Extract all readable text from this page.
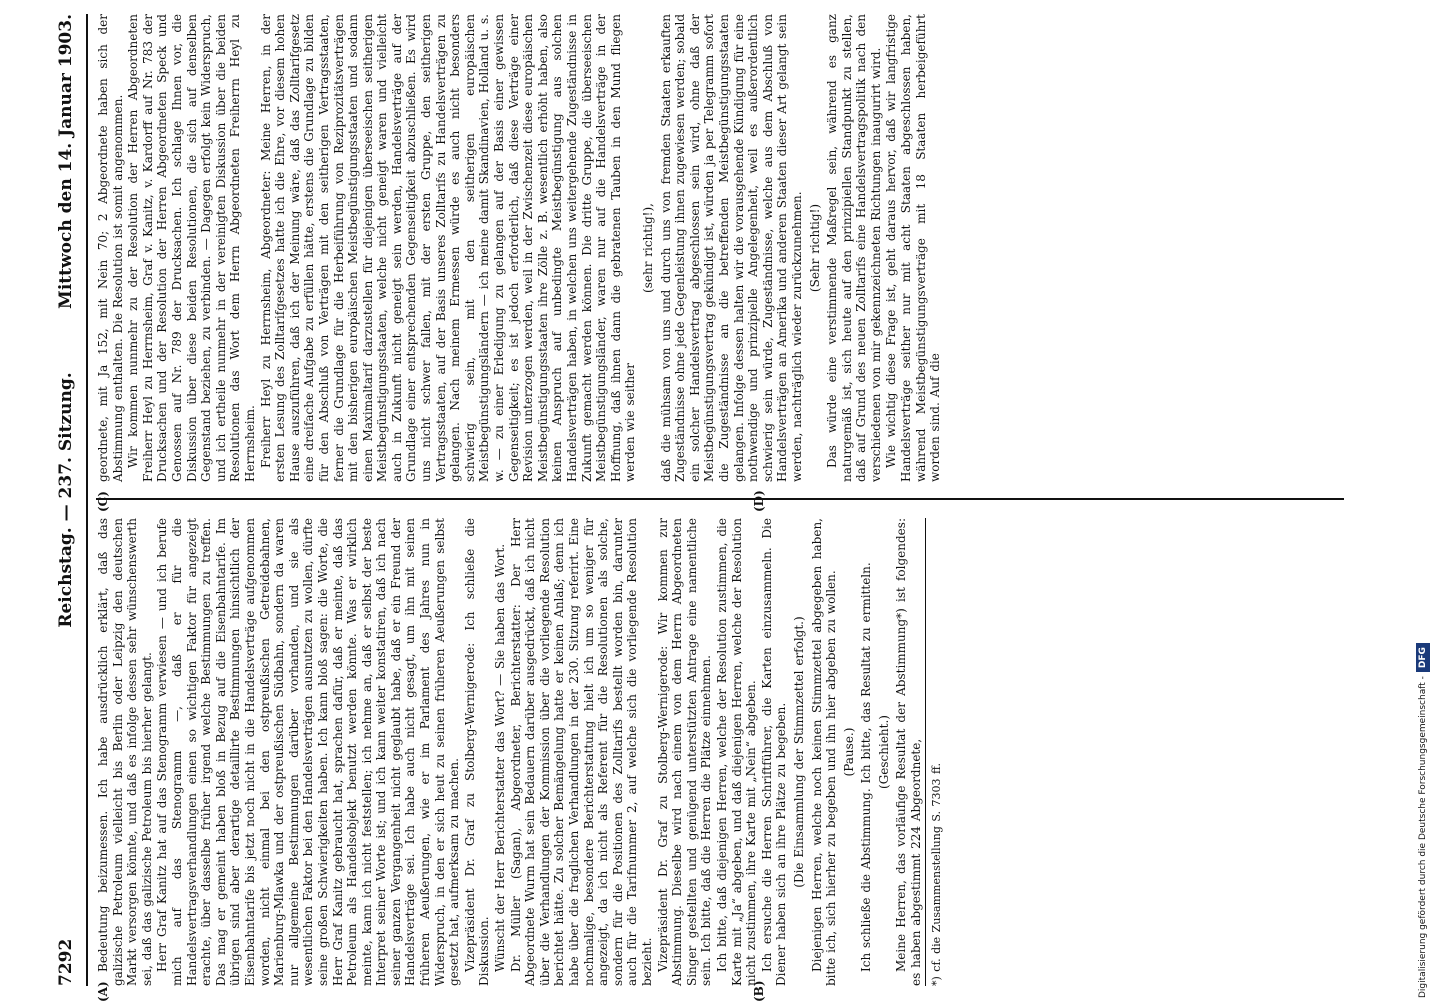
7292
Reichstag. — 237. Sitzung.
Mittwoch den 14. Januar 1903.
(A)	(B)
(C)	(D)

Bedeutung beizumessen. Ich habe ausdrücklich erklärt, daß das galizische Petroleum vielleicht bis Berlin oder Leipzig den deutschen Markt versorgen könnte, und daß es infolge dessen sehr wünschenswerth sei, daß das galizische Petroleum bis hierher gelangt. Herr Graf Kanitz hat auf das Stenogramm verwiesen — und ich berufe mich auf das Stenogramm —, daß er für die Handelsvertragsverhandlungen einen so wichtigen Faktor für angezeigt erachte, über dasselbe früher irgend welche Bestimmungen zu treffen. Das mag er gemeint haben bloß in Bezug auf die Eisenbahntarife. Im übrigen sind aber derartige detaillirte Bestimmungen hinsichtlich der Eisenbahntarife bis jetzt noch nicht in die Handelsverträge aufgenommen worden, nicht einmal bei den ostpreußischen Getreidebahnen, Marienburg-Mlawka und der ostpreußischen Südbahn, sondern da waren nur allgemeine Bestimmungen darüber vorhanden, und sie als wesentlichen Faktor bei den Handelsverträgen ausnutzen zu wollen, dürfte seine großen Schwierigkeiten haben. Ich kann bloß sagen: die Worte, die Herr Graf Kanitz gebraucht hat, sprachen dafür, daß er meinte, daß das Petroleum als Handelsobjekt benutzt werden könnte. Was er wirklich meinte, kann ich nicht feststellen; ich nehme an, daß er selbst der beste Interpret seiner Worte ist; und ich kann weiter konstatiren, daß ich nach seiner ganzen Vergangenheit nicht geglaubt habe, daß er ein Freund der Handelsverträge sei. Ich habe auch nicht gesagt, um ihn mit seinen früheren Aeußerungen, wie er im Parlament des Jahres nun in Widerspruch, in den er sich heut zu seinen früheren Aeußerungen selbst gesetzt hat, aufmerksam zu machen. Vizepräsident Dr. Graf zu Stolberg-Wernigerode: Ich schließe die Diskussion. Wünscht der Herr Berichterstatter das Wort? — Sie haben das Wort. Dr. Müller (Sagan), Abgeordneter, Berichterstatter: Der Herr Abgeordnete Wurm hat sein Bedauern darüber ausgedrückt, daß ich nicht über die Verhandlungen der Kommission über die vorliegende Resolution berichtet hätte. Zu solcher Bemängelung hatte er keinen Anlaß; denn ich habe über die fraglichen Verhandlungen in der 230. Sitzung referirt. Eine nochmalige, besondere Berichterstattung hielt ich um so weniger für angezeigt, da ich nicht als Referent für die Resolutionen als solche, sondern für die Positionen des Zolltarifs bestellt worden bin, darunter auch für die Tarifnummer 2, auf welche sich die vorliegende Resolution bezieht. Vizepräsident Dr. Graf zu Stolberg-Wernigerode: Wir kommen zur Abstimmung. Dieselbe wird nach einem von dem Herrn Abgeordneten Singer gestellten und genügend unterstützten Antrage eine namentliche sein. Ich bitte, daß die Herren die Plätze einnehmen. Ich bitte, daß diejenigen Herren, welche der Resolution zustimmen, die Karte mit „Ja“ abgeben, und daß diejenigen Herren, welche der Resolution nicht zustimmen, ihre Karte mit „Nein“ abgeben. Ich ersuche die Herren Schriftführer, die Karten einzusammeln. Die Diener haben sich an ihre Plätze zu begeben. (Die Einsammlung der Stimmzettel erfolgt.) Diejenigen Herren, welche noch keinen Stimmzettel abgegeben haben, bitte ich, sich hierher zu begeben und ihn hier abgeben zu wollen. (Pause.) Ich schließe die Abstimmung. Ich bitte, das Resultat zu ermitteln. (Geschieht.) Meine Herren, das vorläufige Resultat der Abstimmung*) ist folgendes: es haben abgestimmt 224 Abgeordnete, *) cf. die Zusammenstellung S. 7303 ff.

geordnete, mit Ja 152, mit Nein 70; 2 Abgeordnete haben sich der Abstimmung enthalten. Die Resolution ist somit angenommen. Wir kommen nunmehr zu der Resolution der Herren Abgeordneten Freiherr Heyl zu Herrnsheim, Graf v. Kanitz, v. Kardorff auf Nr. 783 der Drucksachen und der Resolution der Herren Abgeordneten Speck und Genossen auf Nr. 789 der Drucksachen. Ich schlage Ihnen vor, die Diskussion über diese beiden Resolutionen, die sich auf denselben Gegenstand beziehen, zu verbinden. — Dagegen erfolgt kein Widerspruch, und ich ertheile nunmehr in der vereinigten Diskussion über die beiden Resolutionen das Wort dem Herrn Abgeordneten Freiherrn Heyl zu Herrnsheim. Freiherr Heyl zu Herrnsheim, Abgeordneter: Meine Herren, in der ersten Lesung des Zolltarifgesetzes hatte ich die Ehre, vor diesem hohen Hause auszuführen, daß ich der Meinung wäre, daß das Zolltarifgesetz eine dreifache Aufgabe zu erfüllen hätte, erstens die Grundlage zu bilden für den Abschluß von Verträgen mit den seitherigen Vertragsstaaten, ferner die Grundlage für die Herbeiführung von Reziprozitätsverträgen mit den bisherigen europäischen Meistbegünstigungsstaaten und sodann einen Maximaltarif darzustellen für diejenigen überseeischen seitherigen Meistbegünstigungsstaaten, welche nicht geneigt waren und vielleicht auch in Zukunft nicht geneigt sein werden, Handelsverträge auf der Grundlage einer entsprechenden Gegenseitigkeit abzuschließen. Es wird uns nicht schwer fallen, mit der ersten Gruppe, den seitherigen Vertragsstaaten, auf der Basis unseres Zolltarifs zu Handelsverträgen zu gelangen. Nach meinem Ermessen würde es auch nicht besonders schwierig sein, mit den seitherigen europäischen Meistbegünstigungsländern — ich meine damit Skandinavien, Holland u. s. w. — zu einer Erledigung zu gelangen auf der Basis einer gewissen Gegenseitigkeit; es ist jedoch erforderlich, daß diese Verträge einer Revision unterzogen werden, weil in der Zwischenzeit diese europäischen Meistbegünstigungsstaaten ihre Zölle z. B. wesentlich erhöht haben, also keinen Anspruch auf unbedingte Meistbegünstigung aus solchen Handelsverträgen haben, in welchen uns weitergehende Zugeständnisse in Zukunft gemacht werden können. Die dritte Gruppe, die überseeischen Meistbegünstigungsländer, waren nur auf die Handelsverträge in der Hoffnung, daß ihnen dann die gebratenen Tauben in den Mund fliegen werden wie seither

(sehr richtig!), daß die mühsam von uns und durch uns von fremden Staaten erkauften Zugeständnisse ohne jede Gegenleistung ihnen zugewiesen werden; sobald ein solcher Handelsvertrag abgeschlossen sein wird, ohne daß der Meistbegünstigungsvertrag gekündigt ist, würden ja per Telegramm sofort die Zugeständnisse an die betreffenden Meistbegünstigungsstaaten gelangen. Infolge dessen halten wir die vorausgehende Kündigung für eine nothwendige und prinzipielle Angelegenheit, weil es außerordentlich schwierig sein würde, Zugeständnisse, welche aus dem Abschluß von Handelsverträgen an Amerika und anderen Staaten dieser Art gelangt sein werden, nachträglich wieder zurückzunehmen. (Sehr richtig!) Das würde eine verstimmende Maßregel sein, während es ganz naturgemäß ist, sich heute auf den prinzipiellen Standpunkt zu stellen, daß auf Grund des neuen Zolltarifs eine Handelsvertragspolitik nach den verschiedenen von mir gekennzeichneten Richtungen inaugurirt wird. Wie wichtig diese Frage ist, geht daraus hervor, daß wir langfristige Handelsverträge seither nur mit acht Staaten abgeschlossen haben, während Meistbegünstigungsverträge mit 18 Staaten herbeigeführt worden sind. Auf die

Digitalisierung gefördert durch die Deutsche Forschungsgemeinschaft -DFG
